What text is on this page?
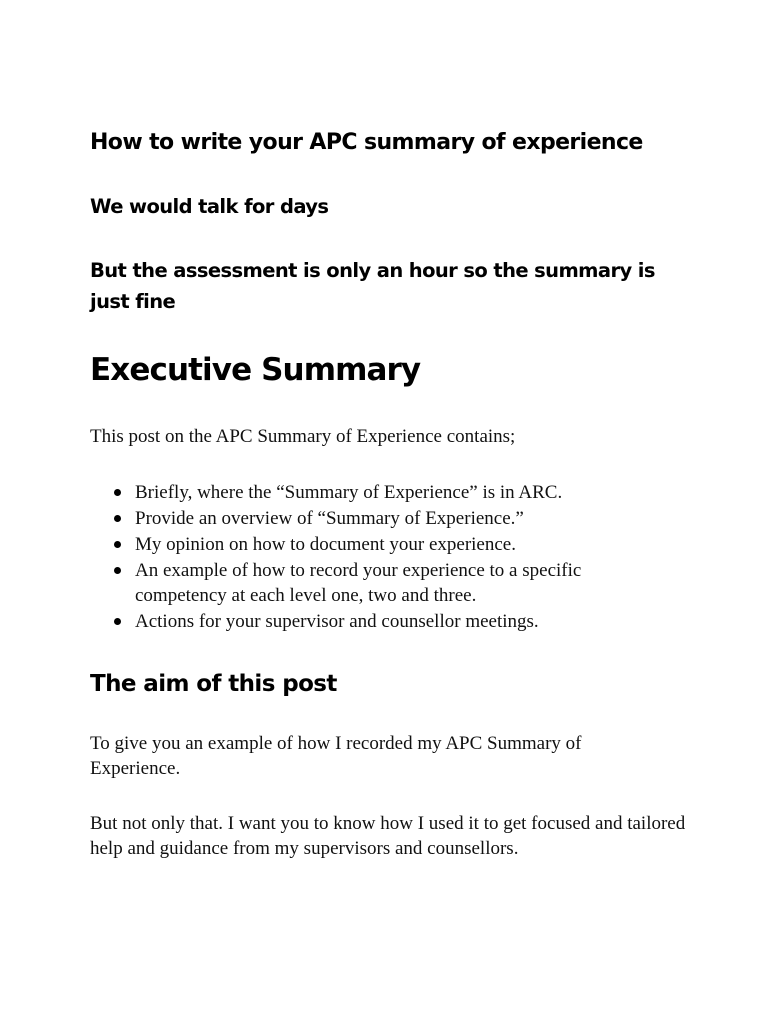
How to write your APC summary of experience
We would talk for days
But the assessment is only an hour so the summary is just fine
Executive Summary

This post on the APC Summary of Experience contains;

Briefly, where the “Summary of Experience” is in ARC.
Provide an overview of “Summary of Experience.”
My opinion on how to document your experience.
An example of how to record your experience to a specific competency at each level one, two and three.
Actions for your supervisor and counsellor meetings.
The aim of this post

To give you an example of how I recorded my APC Summary of Experience.

But not only that. I want you to know how I used it to get focused and tailored help and guidance from my supervisors and counsellors.
